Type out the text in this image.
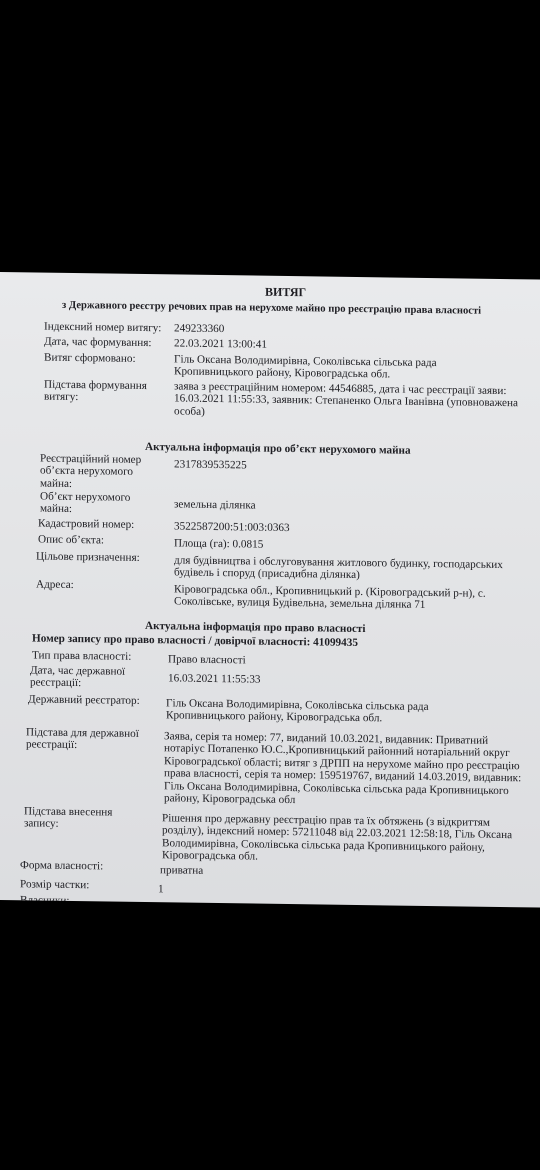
ВИТЯГ
з Державного реєстру речових прав на нерухоме майно про реєстрацію права власності
Індексний номер витягу:	249233360
Дата, час формування:	22.03.2021 13:00:41
Витяг сформовано:	Гіль Оксана Володимирівна, Соколівська сільська рада Кропивницького району, Кіровоградська обл.
Підстава формування витягу:
заява з реєстраційним номером: 44546885, дата і час реєстрації заяви: 16.03.2021 11:55:33, заявник: Степаненко Ольга Іванівна (уповноважена особа)
Актуальна інформація про об’єкт нерухомого майна
Реєстраційний номер об’єкта нерухомого майна:
2317839535225
Об’єкт нерухомого майна:	земельна ділянка
Кадастровий номер:	3522587200:51:003:0363
Опис об’єкта:	Площа (га): 0.0815
Цільове призначення:	для будівництва і обслуговування житлового будинку, господарських будівель і споруд (присадибна ділянка)
Адреса:	Кіровоградська обл., Кропивницький р. (Кіровоградський р-н), с. Соколівське, вулиця Будівельна, земельна ділянка 71
Актуальна інформація про право власності
Номер запису про право власності / довірчої власності: 41099435
Тип права власності:	Право власності
Дата, час державної реєстрації:	16.03.2021 11:55:33
Державний реєстратор:	Гіль Оксана Володимирівна, Соколівська сільська рада Кропивницького району, Кіровоградська обл.
Підстава для державної реєстрації:	Заява, серія та номер: 77, виданий 10.03.2021, видавник: Приватний нотаріус Потапенко Ю.С.,Кропивницький районний нотаріальний округ Кіровоградської області; витяг з ДРПП на нерухоме майно про реєстрацію права власності, серія та номер: 159519767, виданий 14.03.2019, видавник: Гіль Оксана Володимирівна, Соколівська сільська рада Кропивницького району, Кіровоградська обл
Підстава внесення запису:	Рішення про державну реєстрацію прав та їх обтяжень (з відкриттям розділу), індексний номер: 57211048 від 22.03.2021 12:58:18, Гіль Оксана Володимирівна, Соколівська сільська рада Кропивницького району, Кіровоградська обл.
Форма власності:	приватна
Розмір частки:	1
Власники:
